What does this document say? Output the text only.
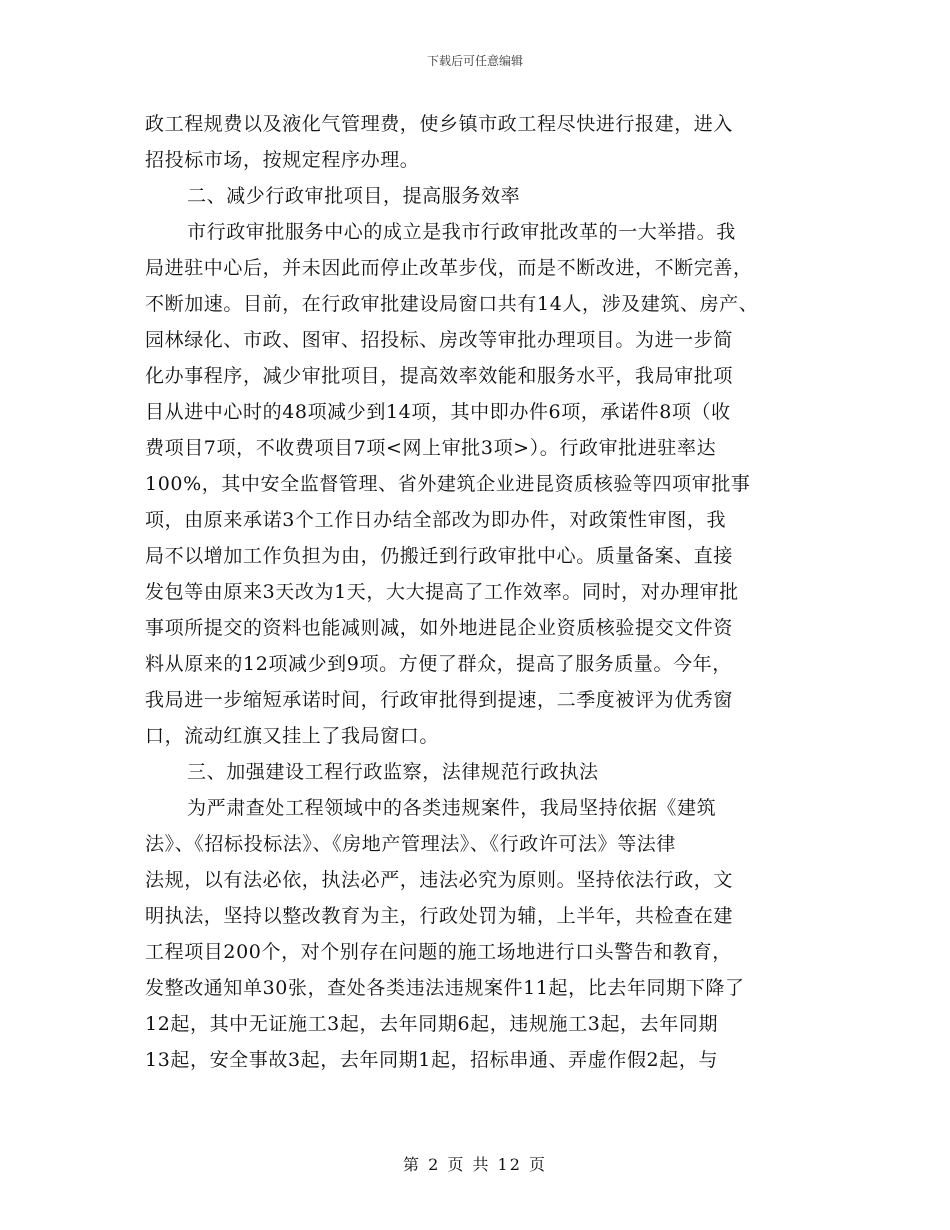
下载后可任意编辑
政工程规费以及液化气管理费，使乡镇市政工程尽快进行报建，进入
招投标市场，按规定程序办理。
二、减少行政审批项目，提高服务效率
市行政审批服务中心的成立是我市行政审批改革的一大举措。我
局进驻中心后，并未因此而停止改革步伐，而是不断改进，不断完善，
不断加速。目前，在行政审批建设局窗口共有14人，涉及建筑、房产、
园林绿化、市政、图审、招投标、房改等审批办理项目。为进一步简
化办事程序，减少审批项目，提高效率效能和服务水平，我局审批项
目从进中心时的48项减少到14项，其中即办件6项，承诺件8项（收
费项目7项，不收费项目7项<网上审批3项>）。行政审批进驻率达
100%，其中安全监督管理、省外建筑企业进昆资质核验等四项审批事
项，由原来承诺3个工作日办结全部改为即办件，对政策性审图，我
局不以增加工作负担为由，仍搬迁到行政审批中心。质量备案、直接
发包等由原来3天改为1天，大大提高了工作效率。同时，对办理审批
事项所提交的资料也能减则减，如外地进昆企业资质核验提交文件资
料从原来的12项减少到9项。方便了群众，提高了服务质量。今年，
我局进一步缩短承诺时间，行政审批得到提速，二季度被评为优秀窗
口，流动红旗又挂上了我局窗口。
三、加强建设工程行政监察，法律规范行政执法
为严肃查处工程领域中的各类违规案件，我局坚持依据《建筑
法》、《招标投标法》、《房地产管理法》、《行政许可法》等法律
法规，以有法必依，执法必严，违法必究为原则。坚持依法行政，文
明执法，坚持以整改教育为主，行政处罚为辅，上半年，共检查在建
工程项目200个，对个别存在问题的施工场地进行口头警告和教育，
发整改通知单30张，查处各类违法违规案件11起，比去年同期下降了
12起，其中无证施工3起，去年同期6起，违规施工3起，去年同期
13起，安全事故3起，去年同期1起，招标串通、弄虚作假2起，与
第 2 页 共 12 页
